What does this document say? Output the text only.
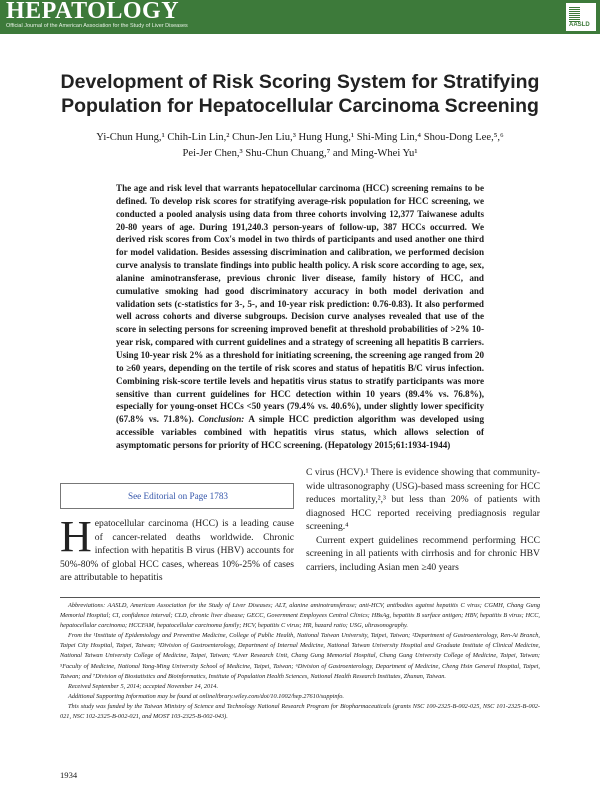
HEPATOLOGY
Official Journal of the American Association for the Study of Liver Diseases	AASLD
Development of Risk Scoring System for Stratifying Population for Hepatocellular Carcinoma Screening
Yi-Chun Hung,¹ Chih-Lin Lin,² Chun-Jen Liu,³ Hung Hung,¹ Shi-Ming Lin,⁴ Shou-Dong Lee,⁵,⁶
Pei-Jer Chen,³ Shu-Chun Chuang,⁷ and Ming-Whei Yu¹

The age and risk level that warrants hepatocellular carcinoma (HCC) screening remains to be defined. To develop risk scores for stratifying average-risk population for HCC screening, we conducted a pooled analysis using data from three cohorts involving 12,377 Taiwanese adults 20-80 years of age. During 191,240.3 person-years of follow-up, 387 HCCs occurred. We derived risk scores from Cox's model in two thirds of participants and used another one third for model validation. Besides assessing discrimination and calibration, we performed decision curve analysis to translate findings into public health policy. A risk score according to age, sex, alanine aminotransferase, previous chronic liver disease, family history of HCC, and cumulative smoking had good discriminatory accuracy in both model derivation and validation sets (c-statistics for 3-, 5-, and 10-year risk prediction: 0.76-0.83). It also performed well across cohorts and diverse subgroups. Decision curve analyses revealed that use of the score in selecting persons for screening improved benefit at threshold probabilities of >2% 10-year risk, compared with current guidelines and a strategy of screening all hepatitis B carriers. Using 10-year risk 2% as a threshold for initiating screening, the screening age ranged from 20 to ≥60 years, depending on the tertile of risk scores and status of hepatitis B/C virus infection. Combining risk-score tertile levels and hepatitis virus status to stratify participants was more sensitive than current guidelines for HCC detection within 10 years (89.4% vs. 76.8%), especially for young-onset HCCs <50 years (79.4% vs. 40.6%), under slightly lower specificity (67.8% vs. 71.8%). Conclusion: A simple HCC prediction algorithm was developed using accessible variables combined with hepatitis virus status, which allows selection of asymptomatic persons for priority of HCC screening. (Hepatology 2015;61:1934-1944)

See Editorial on Page 1783

Hepatocellular carcinoma (HCC) is a leading cause of cancer-related deaths worldwide. Chronic infection with hepatitis B virus (HBV) accounts for 50%-80% of global HCC cases, whereas 10%-25% of cases are attributable to hepatitis

C virus (HCV).¹ There is evidence showing that community-wide ultrasonography (USG)-based mass screening for HCC reduces mortality,²,³ but less than 20% of patients with diagnosed HCC reported receiving prediagnosis regular screening.⁴

Current expert guidelines recommend performing HCC screening in all patients with cirrhosis and for chronic HBV carriers, including Asian men ≥40 years

Abbreviations: AASLD, American Association for the Study of Liver Diseases; ALT, alanine aminotransferase; anti-HCV, antibodies against hepatitis C virus; CGMH, Chang Gung Memorial Hospital; CI, confidence interval; CLD, chronic liver disease; GECC, Government Employees Central Clinics; HBsAg, hepatitis B surface antigen; HBV, hepatitis B virus; HCC, hepatocellular carcinoma; HCCFAM, hepatocellular carcinoma family; HCV, hepatitis C virus; HR, hazard ratio; USG, ultrasonography.

From the ¹Institute of Epidemiology and Preventive Medicine, College of Public Health, National Taiwan University, Taipei, Taiwan; ²Department of Gastroenterology, Ren-Ai Branch, Taipei City Hospital, Taipei, Taiwan; ³Division of Gastroenterology, Department of Internal Medicine, National Taiwan University Hospital and Graduate Institute of Clinical Medicine, National Taiwan University College of Medicine, Taipei, Taiwan; ⁴Liver Research Unit, Chang Gung Memorial Hospital, Chang Gung University College of Medicine, Taipei, Taiwan; ⁵Faculty of Medicine, National Yang-Ming University School of Medicine, Taipei, Taiwan; ⁶Division of Gastroenterology, Department of Medicine, Cheng Hsin General Hospital, Taipei, Taiwan; and ⁷Division of Biostatistics and Bioinformatics, Institute of Population Health Sciences, National Health Research Institutes, Zhunan, Taiwan.

Received September 5, 2014; accepted November 14, 2014.

Additional Supporting Information may be found at onlinelibrary.wiley.com/doi/10.1002/hep.27610/suppinfo.

This study was funded by the Taiwan Ministry of Science and Technology National Research Program for Biopharmaceuticals (grants NSC 100-2325-B-002-025, NSC 101-2325-B-002-021, NSC 102-2325-B-002-021, and MOST 103-2325-B-002-043).

1934
